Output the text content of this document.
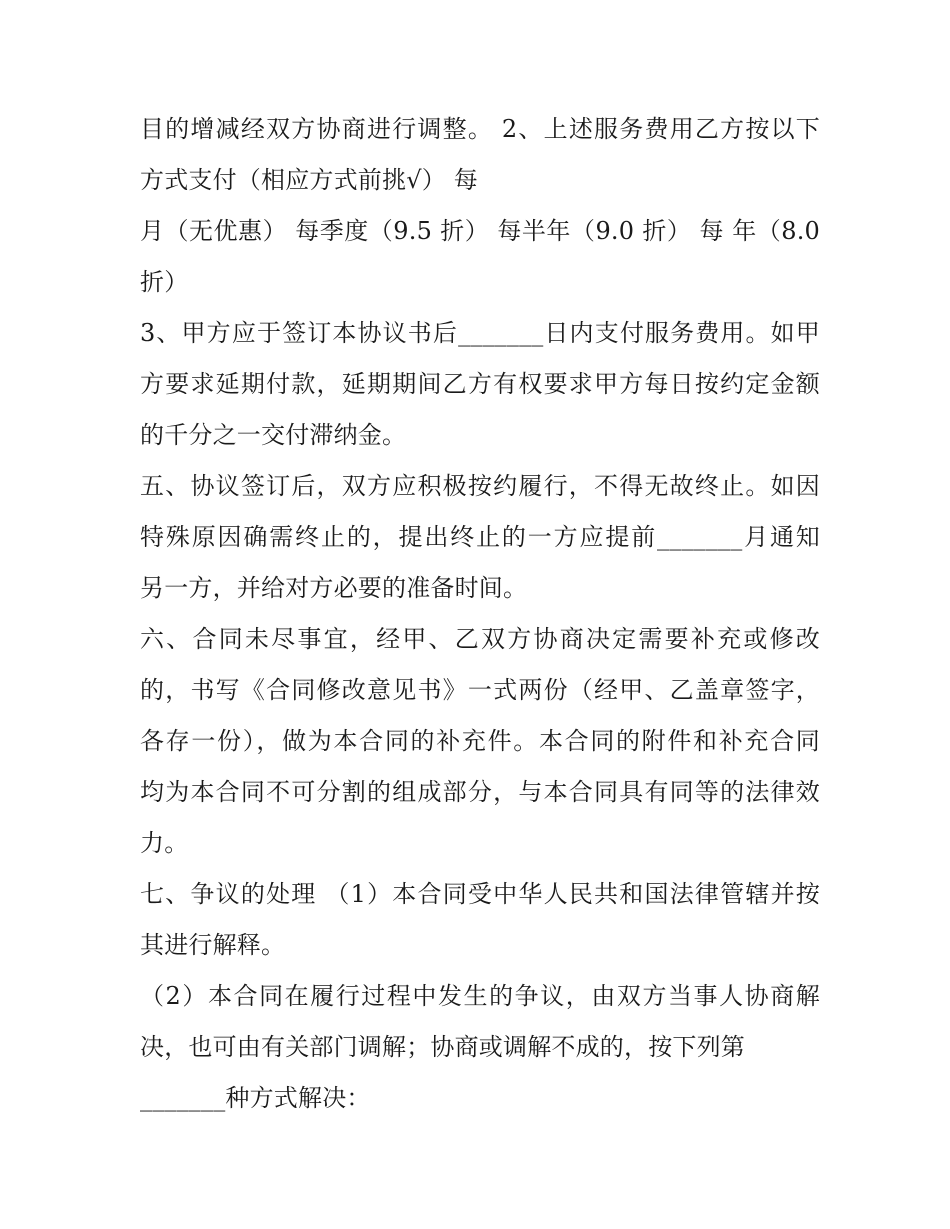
目的增减经双方协商进行调整。 2、上述服务费用乙方按以下
方式支付（相应方式前挑√） 每
月（无优惠） 每季度（9.5 折） 每半年（9.0 折） 每 年（8.0
折）
3、甲方应于签订本协议书后_______日内支付服务费用。如甲
方要求延期付款，延期期间乙方有权要求甲方每日按约定金额
的千分之一交付滞纳金。
五、协议签订后，双方应积极按约履行，不得无故终止。如因
特殊原因确需终止的，提出终止的一方应提前_______月通知
另一方，并给对方必要的准备时间。
六、合同未尽事宜，经甲、乙双方协商决定需要补充或修改
的，书写《合同修改意见书》一式两份（经甲、乙盖章签字，
各存一份），做为本合同的补充件。本合同的附件和补充合同
均为本合同不可分割的组成部分，与本合同具有同等的法律效
力。
七、争议的处理 （1）本合同受中华人民共和国法律管辖并按
其进行解释。
（2）本合同在履行过程中发生的争议，由双方当事人协商解
决，也可由有关部门调解；协商或调解不成的，按下列第
_______种方式解决：
